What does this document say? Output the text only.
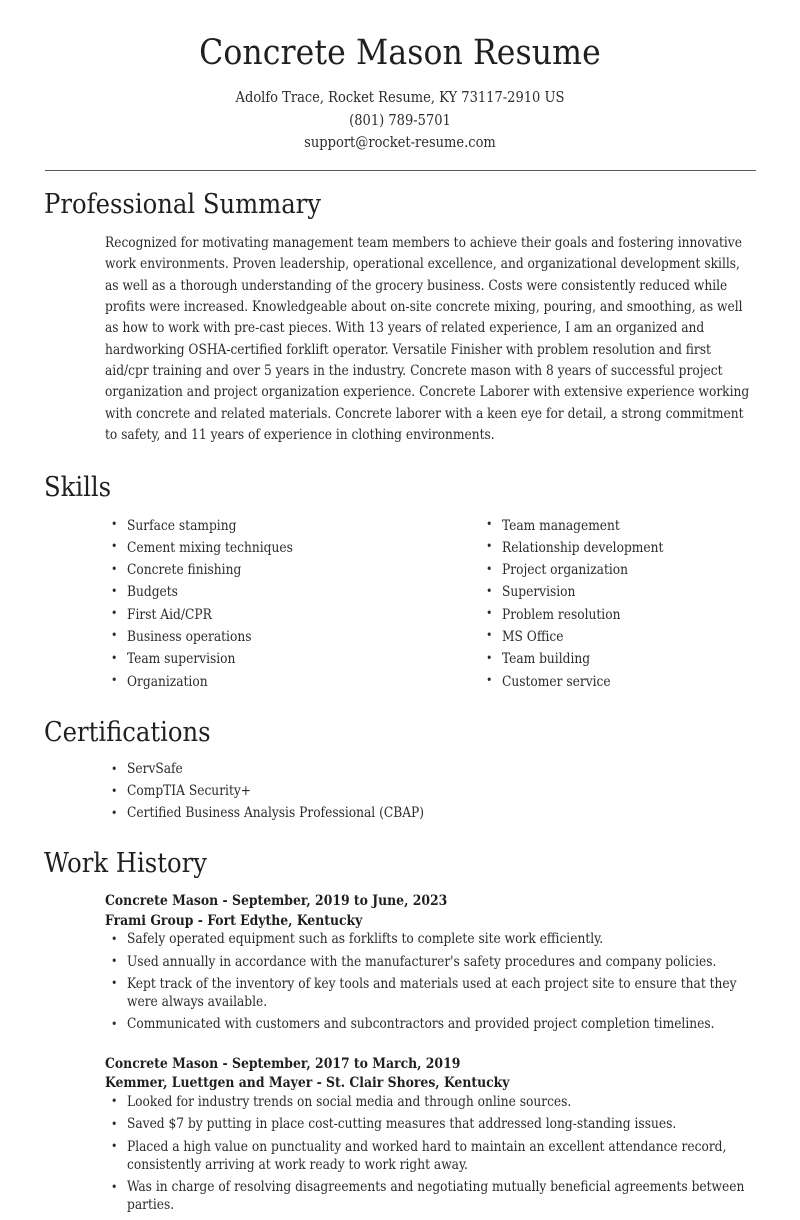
Concrete Mason Resume

Adolfo Trace, Rocket Resume, KY 73117-2910 US

(801) 789-5701

support@rocket-resume.com

Professional Summary

Recognized for motivating management team members to achieve their goals and fostering innovative work environments. Proven leadership, operational excellence, and organizational development skills, as well as a thorough understanding of the grocery business. Costs were consistently reduced while profits were increased. Knowledgeable about on-site concrete mixing, pouring, and smoothing, as well as how to work with pre-cast pieces. With 13 years of related experience, I am an organized and hardworking OSHA-certified forklift operator. Versatile Finisher with problem resolution and first aid/cpr training and over 5 years in the industry. Concrete mason with 8 years of successful project organization and project organization experience. Concrete Laborer with extensive experience working with concrete and related materials. Concrete laborer with a keen eye for detail, a strong commitment to safety, and 11 years of experience in clothing environments.

Skills
• Surface stamping
• Cement mixing techniques
• Concrete finishing
• Budgets
• First Aid/CPR
• Business operations
• Team supervision
• Organization
• Team management
• Relationship development
• Project organization
• Supervision
• Problem resolution
• MS Office
• Team building
• Customer service
Certifications
• ServSafe
• CompTIA Security+
• Certified Business Analysis Professional (CBAP)
Work History

Concrete Mason - September, 2019 to June, 2023

Frami Group - Fort Edythe, Kentucky

• Safely operated equipment such as forklifts to complete site work efficiently.
• Used annually in accordance with the manufacturer's safety procedures and company policies.
• Kept track of the inventory of key tools and materials used at each project site to ensure that they were always available.
• Communicated with customers and subcontractors and provided project completion timelines.

Concrete Mason - September, 2017 to March, 2019

Kemmer, Luettgen and Mayer - St. Clair Shores, Kentucky

• Looked for industry trends on social media and through online sources.
• Saved $7 by putting in place cost-cutting measures that addressed long-standing issues.
• Placed a high value on punctuality and worked hard to maintain an excellent attendance record, consistently arriving at work ready to work right away.
• Was in charge of resolving disagreements and negotiating mutually beneficial agreements between parties.
